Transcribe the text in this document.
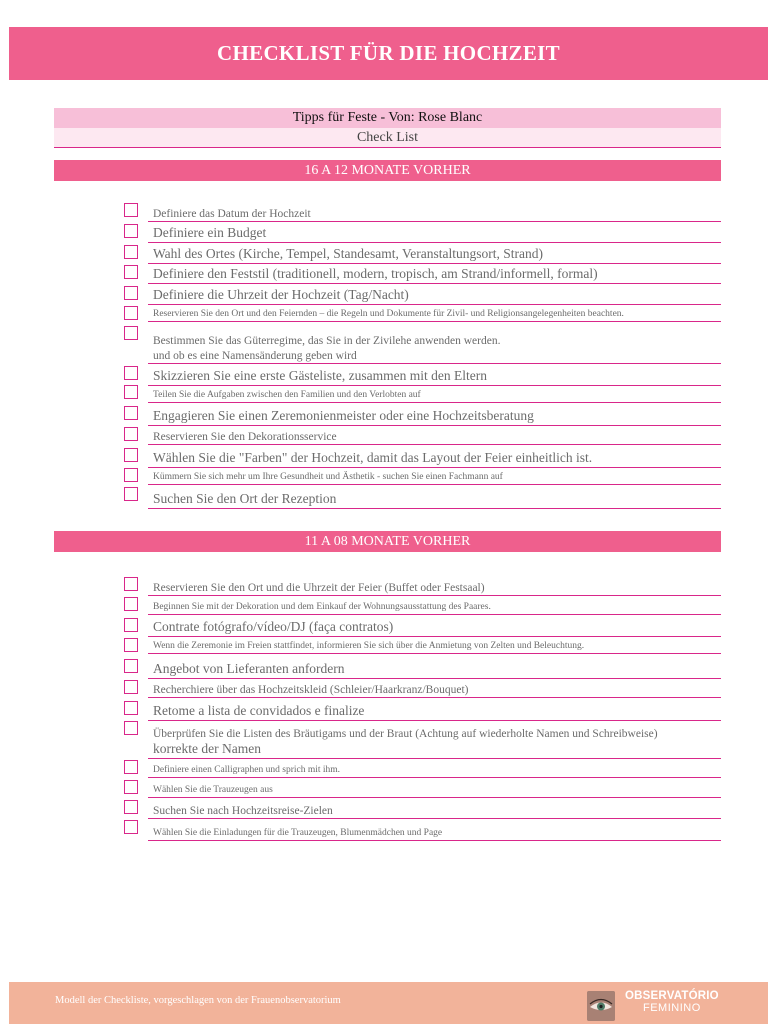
CHECKLIST FÜR DIE HOCHZEIT
Tipps für Feste - Von: Rose Blanc
Check List
16 A 12 MONATE VORHER
Definiere das Datum der Hochzeit
Definiere ein Budget
Wahl des Ortes (Kirche, Tempel, Standesamt, Veranstaltungsort, Strand)
Definiere den Feststil (traditionell, modern, tropisch, am Strand/informell, formal)
Definiere die Uhrzeit der Hochzeit (Tag/Nacht)
Reservieren Sie den Ort und den Feiernden – die Regeln und Dokumente für Zivil- und Religionsangelegenheiten beachten.
Bestimmen Sie das Güterregime, das Sie in der Zivilehe anwenden werden.
und ob es eine Namensänderung geben wird
Skizzieren Sie eine erste Gästeliste, zusammen mit den Eltern
Teilen Sie die Aufgaben zwischen den Familien und den Verlobten auf
Engagieren Sie einen Zeremonienmeister oder eine Hochzeitsberatung
Reservieren Sie den Dekorationsservice
Wählen Sie die "Farben" der Hochzeit, damit das Layout der Feier einheitlich ist.
Kümmern Sie sich mehr um Ihre Gesundheit und Ästhetik - suchen Sie einen Fachmann auf
Suchen Sie den Ort der Rezeption
11 A 08 MONATE VORHER
Reservieren Sie den Ort und die Uhrzeit der Feier (Buffet oder Festsaal)
Beginnen Sie mit der Dekoration und dem Einkauf der Wohnungsausstattung des Paares.
Contrate fotógrafo/vídeo/DJ (faça contratos)
Wenn die Zeremonie im Freien stattfindet, informieren Sie sich über die Anmietung von Zelten und Beleuchtung.
Angebot von Lieferanten anfordern
Recherchiere über das Hochzeitskleid (Schleier/Haarkranz/Bouquet)
Retome a lista de convidados e finalize
Überprüfen Sie die Listen des Bräutigams und der Braut (Achtung auf wiederholte Namen und Schreibweise)
korrekte der Namen
Definiere einen Calligraphen und sprich mit ihm.
Wählen Sie die Trauzeugen aus
Suchen Sie nach Hochzeitsreise-Zielen
Wählen Sie die Einladungen für die Trauzeugen, Blumenmädchen und Page
Modell der Checkliste, vorgeschlagen von der Frauenobservatorium	OBSERVATÓRIO
FEMININO
